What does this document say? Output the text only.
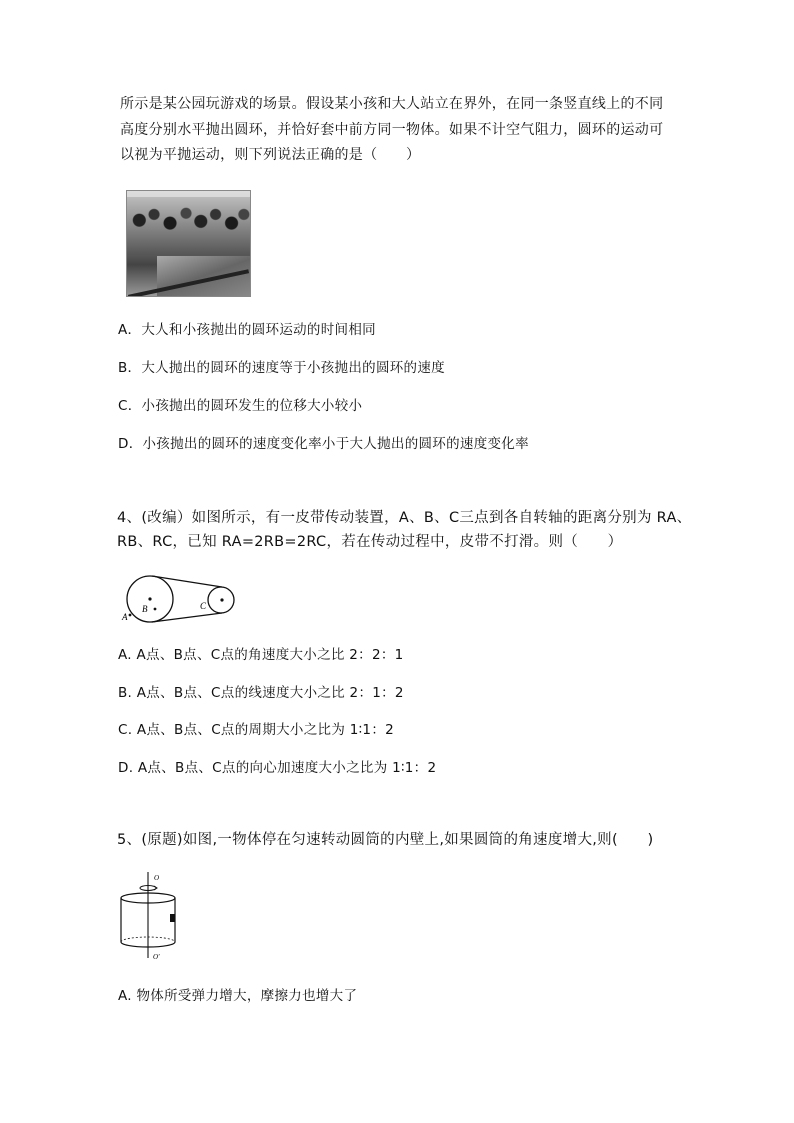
所示是某公园玩游戏的场景。假设某小孩和大人站立在界外，在同一条竖直线上的不同
高度分别水平抛出圆环，并恰好套中前方同一物体。如果不计空气阻力，圆环的运动可
以视为平抛运动，则下列说法正确的是（　　）
A．大人和小孩抛出的圆环运动的时间相同
B．大人抛出的圆环的速度等于小孩抛出的圆环的速度
C．小孩抛出的圆环发生的位移大小较小
D．小孩抛出的圆环的速度变化率小于大人抛出的圆环的速度变化率
4、(改编）如图所示，有一皮带传动装置，A、B、C三点到各自转轴的距离分别为 RA、
RB、RC，已知 RA=2RB=2RC，若在传动过程中，皮带不打滑。则（　　）
A
B	C
A. A点、B点、C点的角速度大小之比 2：2：1
B. A点、B点、C点的线速度大小之比 2：1：2
C. A点、B点、C点的周期大小之比为 1∶1：2
D. A点、B点、C点的向心加速度大小之比为 1∶1：2
5、(原题)如图,一物体停在匀速转动圆筒的内壁上,如果圆筒的角速度增大,则(　　)
O
O′
A. 物体所受弹力增大，摩擦力也增大了
